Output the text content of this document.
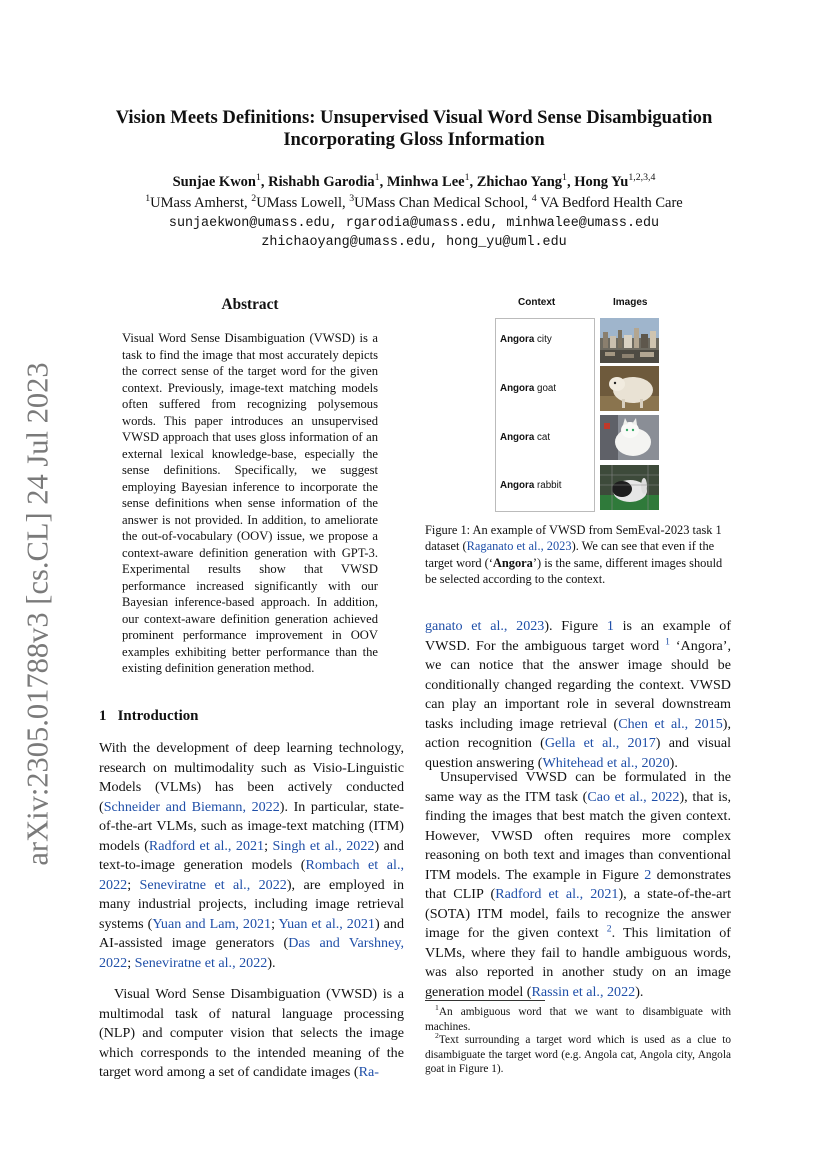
arXiv:2305.01788v3 [cs.CL] 24 Jul 2023
Vision Meets Definitions: Unsupervised Visual Word Sense Disambiguation
Incorporating Gloss Information
Sunjae Kwon$^1$, Rishabh Garodia$^1$, Minhwa Lee$^1$, Zhichao Yang$^1$, Hong Yu$^{1,2,3,4}$
$^1$UMass Amherst, $^2$UMass Lowell, $^3$UMass Chan Medical School, $^4$ VA Bedford Health Care
sunjaekwon@umass.edu, rgarodia@umass.edu, minhwalee@umass.edu
zhichaoyang@umass.edu, hong_yu@uml.edu
Abstract
Visual Word Sense Disambiguation (VWSD) is a task to find the image that most accurately depicts the correct sense of the target word for the given context. Previously, image-text matching models often suffered from recognizing polysemous words. This paper introduces an unsupervised VWSD approach that uses gloss information of an external lexical knowledge-base, especially the sense definitions. Specifically, we suggest employing Bayesian inference to incorporate the sense definitions when sense information of the answer is not provided. In addition, to ameliorate the out-of-vocabulary (OOV) issue, we propose a context-aware definition generation with GPT-3. Experimental results show that VWSD performance increased significantly with our Bayesian inference-based approach. In addition, our context-aware definition generation achieved prominent performance improvement in OOV examples exhibiting better performance than the existing definition generation method.
1 Introduction
With the development of deep learning technology, research on multimodality such as Visio-Linguistic Models (VLMs) has been actively conducted (Schneider and Biemann, 2022). In particular, state-of-the-art VLMs, such as image-text matching (ITM) models (Radford et al., 2021; Singh et al., 2022) and text-to-image generation models (Rombach et al., 2022; Seneviratne et al., 2022), are employed in many industrial projects, including image retrieval systems (Yuan and Lam, 2021; Yuan et al., 2021) and AI-assisted image generators (Das and Varshney, 2022; Seneviratne et al., 2022).
Visual Word Sense Disambiguation (VWSD) is a multimodal task of natural language processing (NLP) and computer vision that selects the image which corresponds to the intended meaning of the target word among a set of candidate images (Ra-
Context	Images
Angora city
Angora goat
Angora cat
Angora rabbit
Figure 1: An example of VWSD from SemEval-2023 task 1 dataset (Raganato et al., 2023). We can see that even if the target word (‘Angora’) is the same, different images should be selected according to the context.
ganato et al., 2023). Figure 1 is an example of VWSD. For the ambiguous target word $^1$ ‘Angora’, we can notice that the answer image should be conditionally changed regarding the context. VWSD can play an important role in several downstream tasks including image retrieval (Chen et al., 2015), action recognition (Gella et al., 2017) and visual question answering (Whitehead et al., 2020).
Unsupervised VWSD can be formulated in the same way as the ITM task (Cao et al., 2022), that is, finding the images that best match the given context. However, VWSD often requires more complex reasoning on both text and images than conventional ITM models. The example in Figure 2 demonstrates that CLIP (Radford et al., 2021), a state-of-the-art (SOTA) ITM model, fails to recognize the answer image for the given context $^2$. This limitation of VLMs, where they fail to handle ambiguous words, was also reported in another study on an image generation model (Rassin et al., 2022).
$^1$An ambiguous word that we want to disambiguate with machines.
$^2$Text surrounding a target word which is used as a clue to disambiguate the target word (e.g. Angola cat, Angola city, Angola goat in Figure 1).
